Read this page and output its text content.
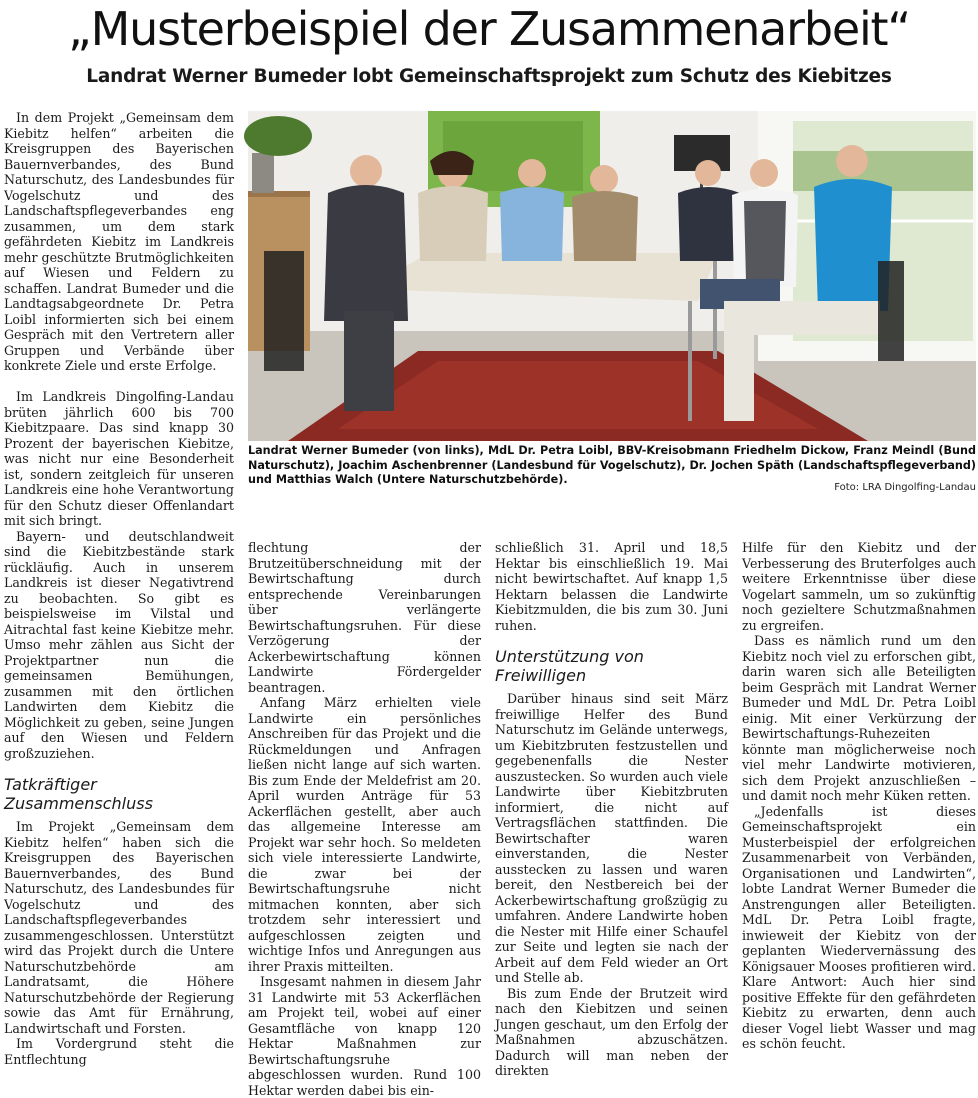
„Musterbeispiel der Zusammenarbeit“
Landrat Werner Bumeder lobt Gemeinschaftsprojekt zum Schutz des Kiebitzes

In dem Projekt „Gemeinsam dem Kiebitz helfen“ arbeiten die Kreisgruppen des Bayerischen Bauernverbandes, des Bund Naturschutz, des Landesbundes für Vogelschutz und des Landschaftspflegeverbandes eng zusammen, um dem stark gefährdeten Kiebitz im Landkreis mehr geschützte Brutmöglichkeiten auf Wiesen und Feldern zu schaffen. Landrat Bumeder und die Landtagsabgeordnete Dr. Petra Loibl informierten sich bei einem Gespräch mit den Vertretern aller Gruppen und Verbände über konkrete Ziele und erste Erfolge.

Im Landkreis Dingolfing-Landau brüten jährlich 600 bis 700 Kiebitzpaare. Das sind knapp 30 Prozent der bayerischen Kiebitze, was nicht nur eine Besonderheit ist, sondern zeitgleich für unseren Landkreis eine hohe Verantwortung für den Schutz dieser Offenlandart mit sich bringt.

Bayern- und deutschlandweit sind die Kiebitzbestände stark rückläufig. Auch in unserem Landkreis ist dieser Negativtrend zu beobachten. So gibt es beispielsweise im Vilstal und Aitrachtal fast keine Kiebitze mehr. Umso mehr zählen aus Sicht der Projektpartner nun die gemeinsamen Bemühungen, zusammen mit den örtlichen Landwirten dem Kiebitz die Möglichkeit zu geben, seine Jungen auf den Wiesen und Feldern großzuziehen.

Tatkräftiger Zusammenschluss

Im Projekt „Gemeinsam dem Kiebitz helfen“ haben sich die Kreisgruppen des Bayerischen Bauernverbandes, des Bund Naturschutz, des Landesbundes für Vogelschutz und des Landschaftspflegeverbandes zusammengeschlossen. Unterstützt wird das Projekt durch die Untere Naturschutzbehörde am Landratsamt, die Höhere Naturschutzbehörde der Regierung sowie das Amt für Ernährung, Landwirtschaft und Forsten.

Im Vordergrund steht die Entflechtung

Landrat Werner Bumeder (von links), MdL Dr. Petra Loibl, BBV-Kreisobmann Friedhelm Dickow, Franz Meindl (Bund Naturschutz), Joachim Aschenbrenner (Landesbund für Vogelschutz), Dr. Jochen Späth (Landschaftspflegeverband) und Matthias Walch (Untere Naturschutzbehörde).
Foto: LRA Dingolfing-Landau

flechtung der Brutzeitüberschneidung mit der Bewirtschaftung durch entsprechende Vereinbarungen über verlängerte Bewirtschaftungsruhen. Für diese Verzögerung der Ackerbewirtschaftung können Landwirte Fördergelder beantragen.

Anfang März erhielten viele Landwirte ein persönliches Anschreiben für das Projekt und die Rückmeldungen und Anfragen ließen nicht lange auf sich warten. Bis zum Ende der Meldefrist am 20. April wurden Anträge für 53 Ackerflächen gestellt, aber auch das allgemeine Interesse am Projekt war sehr hoch. So meldeten sich viele interessierte Landwirte, die zwar bei der Bewirtschaftungsruhe nicht mitmachen konnten, aber sich trotzdem sehr interessiert und aufgeschlossen zeigten und wichtige Infos und Anregungen aus ihrer Praxis mitteilten.

Insgesamt nahmen in diesem Jahr 31 Landwirte mit 53 Ackerflächen am Projekt teil, wobei auf einer Gesamtfläche von knapp 120 Hektar Maßnahmen zur Bewirtschaftungsruhe abgeschlossen wurden. Rund 100 Hektar werden dabei bis ein-

schließlich 31. April und 18,5 Hektar bis einschließlich 19. Mai nicht bewirtschaftet. Auf knapp 1,5 Hektarn belassen die Landwirte Kiebitzmulden, die bis zum 30. Juni ruhen.

Unterstützung von Freiwilligen

Darüber hinaus sind seit März freiwillige Helfer des Bund Naturschutz im Gelände unterwegs, um Kiebitzbruten festzustellen und gegebenenfalls die Nester auszustecken. So wurden auch viele Landwirte über Kiebitzbruten informiert, die nicht auf Vertragsflächen stattfinden. Die Bewirtschafter waren einverstanden, die Nester ausstecken zu lassen und waren bereit, den Nestbereich bei der Ackerbewirtschaftung großzügig zu umfahren. Andere Landwirte hoben die Nester mit Hilfe einer Schaufel zur Seite und legten sie nach der Arbeit auf dem Feld wieder an Ort und Stelle ab.

Bis zum Ende der Brutzeit wird nach den Kiebitzen und seinen Jungen geschaut, um den Erfolg der Maßnahmen abzuschätzen. Dadurch will man neben der direkten

Hilfe für den Kiebitz und der Verbesserung des Bruterfolges auch weitere Erkenntnisse über diese Vogelart sammeln, um so zukünftig noch gezieltere Schutzmaßnahmen zu ergreifen.

Dass es nämlich rund um den Kiebitz noch viel zu erforschen gibt, darin waren sich alle Beteiligten beim Gespräch mit Landrat Werner Bumeder und MdL Dr. Petra Loibl einig. Mit einer Verkürzung der Bewirtschaftungs-Ruhezeiten könnte man möglicherweise noch viel mehr Landwirte motivieren, sich dem Projekt anzuschließen – und damit noch mehr Küken retten.

„Jedenfalls ist dieses Gemeinschaftsprojekt ein Musterbeispiel der erfolgreichen Zusammenarbeit von Verbänden, Organisationen und Landwirten“, lobte Landrat Werner Bumeder die Anstrengungen aller Beteiligten. MdL Dr. Petra Loibl fragte, inwieweit der Kiebitz von der geplanten Wiedervernässung des Königsauer Mooses profitieren wird. Klare Antwort: Auch hier sind positive Effekte für den gefährdeten Kiebitz zu erwarten, denn auch dieser Vogel liebt Wasser und mag es schön feucht.
